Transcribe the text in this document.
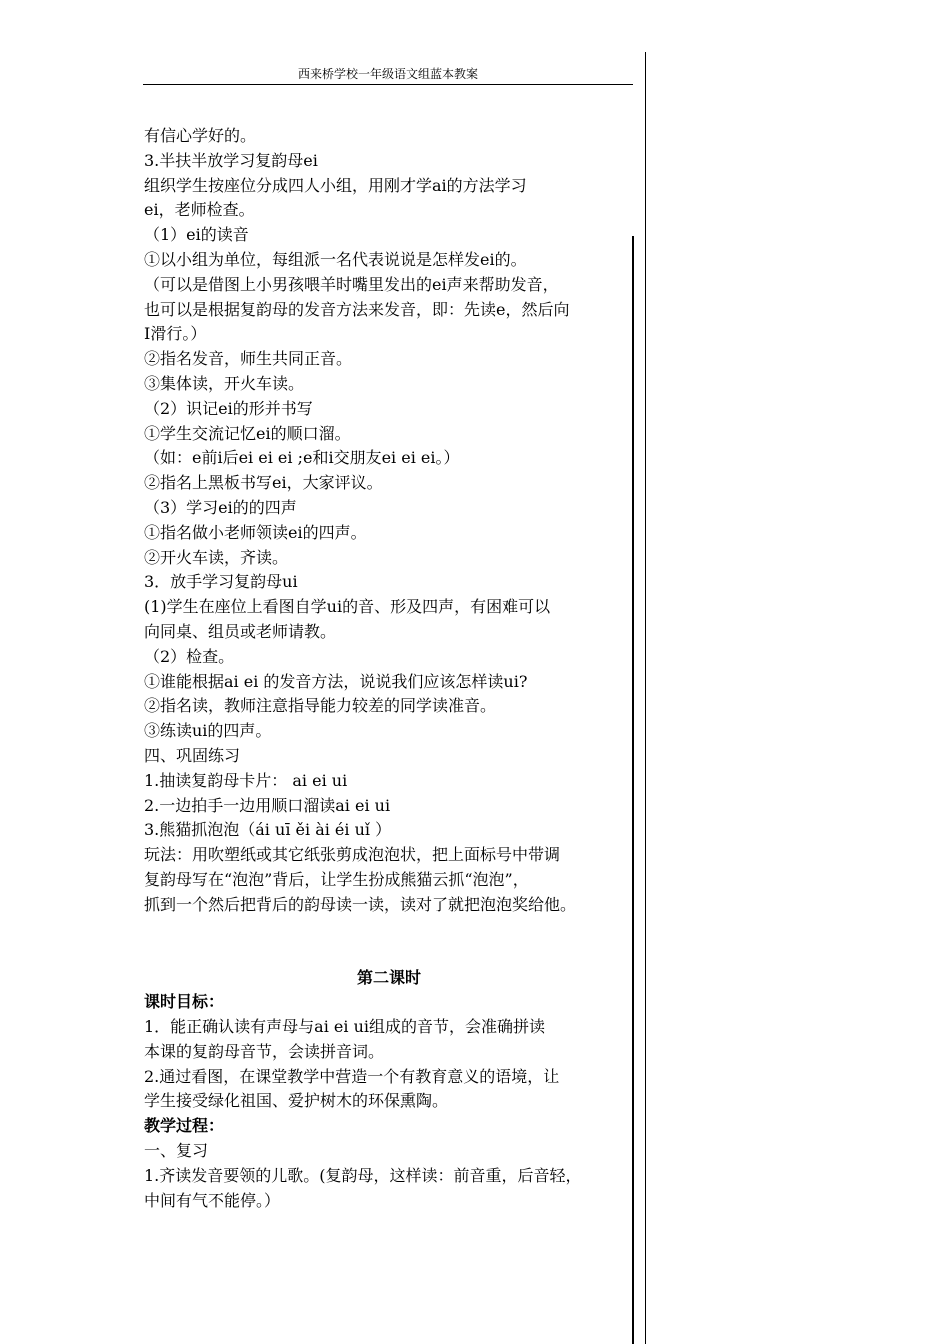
西来桥学校一年级语文组蓝本教案
有信心学好的。
3.半扶半放学习复韵母ei
组织学生按座位分成四人小组，用刚才学ai的方法学习
ei，老师检查。
（1）ei的读音
①以小组为单位，每组派一名代表说说是怎样发ei的。
（可以是借图上小男孩喂羊时嘴里发出的ei声来帮助发音，
也可以是根据复韵母的发音方法来发音，即：先读e，然后向
I滑行。）
②指名发音，师生共同正音。
③集体读，开火车读。
（2）识记ei的形并书写
①学生交流记忆ei的顺口溜。
（如：e前i后ei ei ei ;e和i交朋友ei ei ei。）
②指名上黑板书写ei，大家评议。
（3）学习ei的的四声
①指名做小老师领读ei的四声。
②开火车读，齐读。
3．放手学习复韵母ui
(1)学生在座位上看图自学ui的音、形及四声，有困难可以
向同桌、组员或老师请教。
（2）检查。
①谁能根据ai ei 的发音方法，说说我们应该怎样读ui?
②指名读，教师注意指导能力较差的同学读准音。
③练读ui的四声。
四、巩固练习
1.抽读复韵母卡片： ai ei ui
2.一边拍手一边用顺口溜读ai ei ui
3.熊猫抓泡泡（ái uī ěi ài éi uǐ ）
玩法：用吹塑纸或其它纸张剪成泡泡状，把上面标号中带调
复韵母写在“泡泡”背后，让学生扮成熊猫云抓“泡泡”，
抓到一个然后把背后的韵母读一读，读对了就把泡泡奖给他。
第二课时
课时目标：
1．能正确认读有声母与ai ei ui组成的音节，会准确拼读
本课的复韵母音节，会读拼音词。
2.通过看图，在课堂教学中营造一个有教育意义的语境，让
学生接受绿化祖国、爱护树木的环保熏陶。
教学过程：
一、复习
1.齐读发音要领的儿歌。(复韵母，这样读：前音重，后音轻，
中间有气不能停。）
